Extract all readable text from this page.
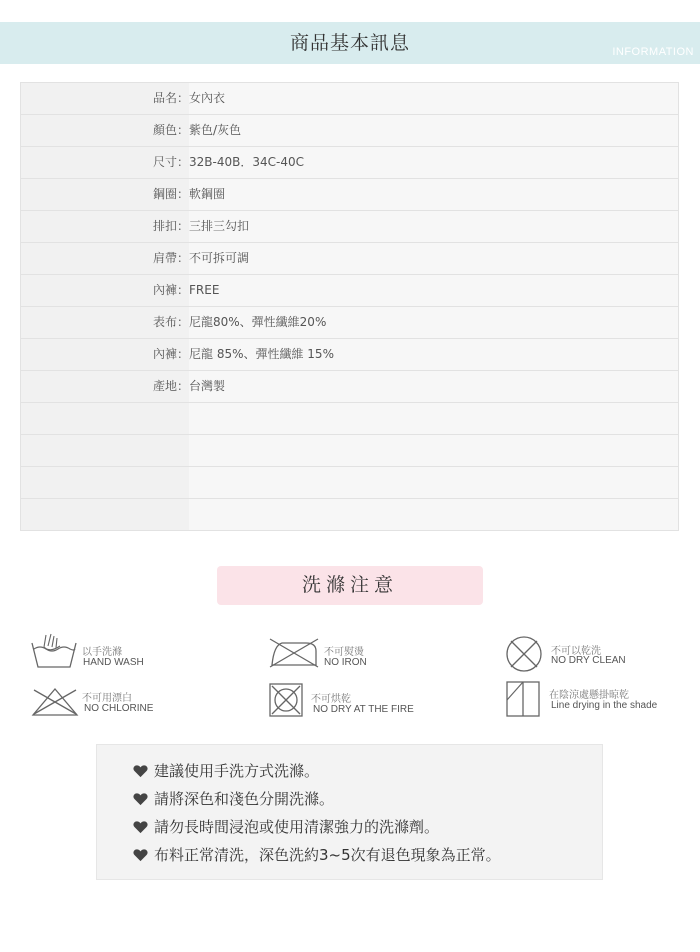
商品基本訊息	INFORMATION
品名：女內衣
顏色：紫色/灰色
尺寸：32B-40B．34C-40C
鋼圈：軟鋼圈
排扣：三排三勾扣
肩帶：不可拆可調
內褲：FREE
表布：尼龍80%、彈性纖維20%
內褲：尼龍 85%、彈性纖維 15%
產地：台灣製
洗滌注意
以手洗滌
HAND WASH
不可熨燙
NO IRON
不可以乾洗
NO DRY CLEAN
不可用漂白
NO CHLORINE
不可烘乾
NO DRY AT THE FIRE
在陰涼處懸掛晾乾
Line drying in the shade
建議使用手洗方式洗滌。
請將深色和淺色分開洗滌。
請勿長時間浸泡或使用清潔強力的洗滌劑。
布料正常清洗，深色洗約3~5次有退色現象為正常。
